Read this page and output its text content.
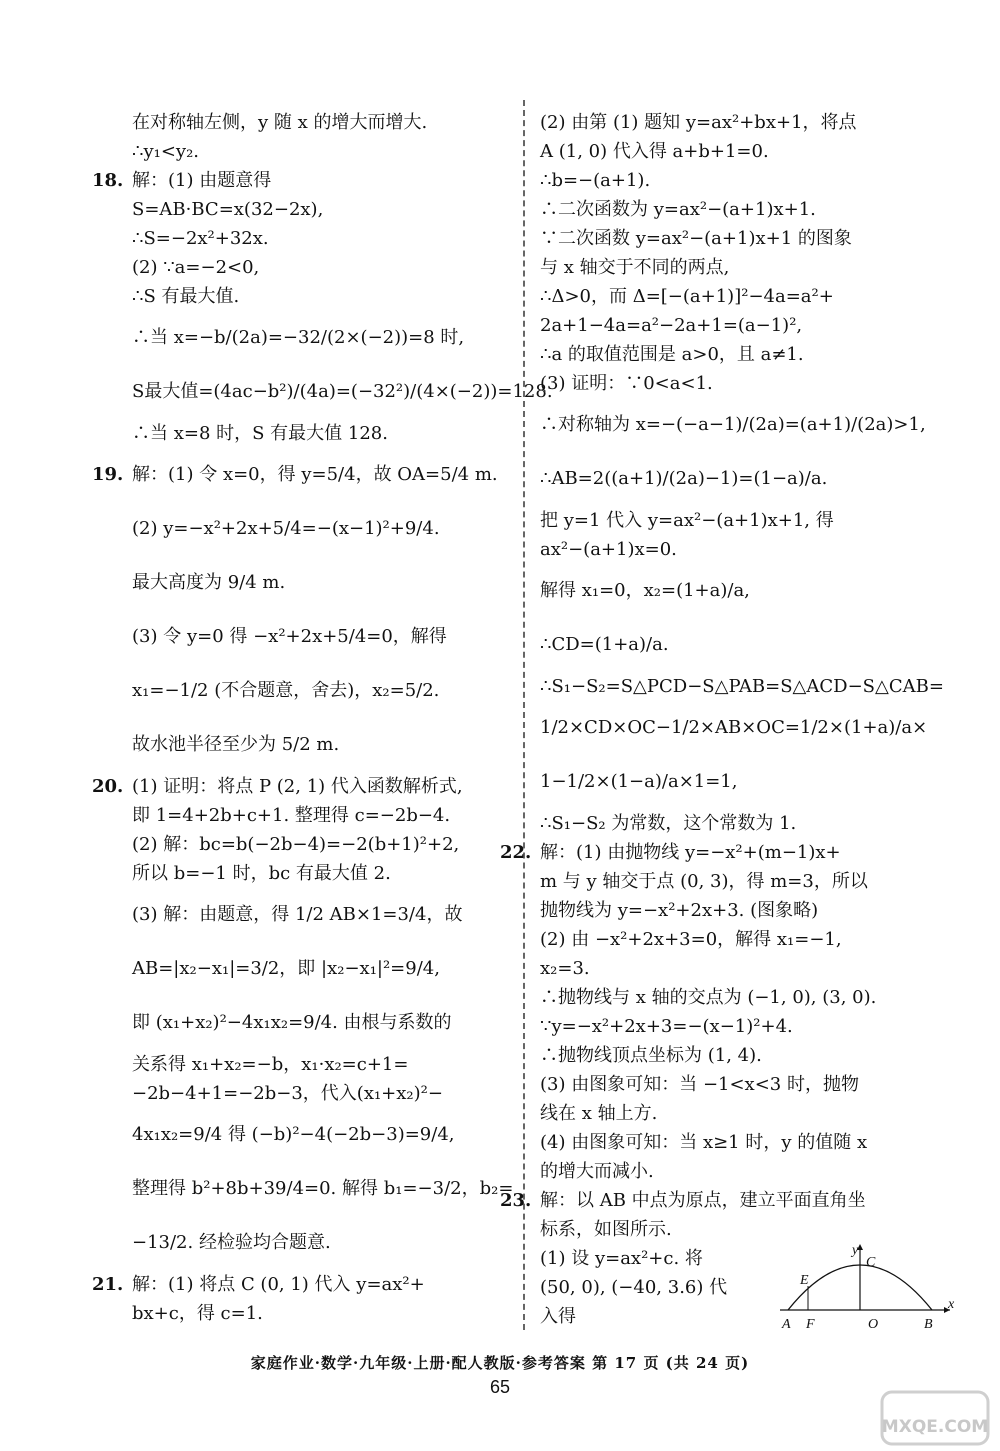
在对称轴左侧，y 随 x 的增大而增大.
∴y₁<y₂.
18. 解：(1) 由题意得
S=AB·BC=x(32−2x),
∴S=−2x²+32x.
(2) ∵a=−2<0,
∴S 有最大值.
∴当 x=−b/(2a)=−32/(2×(−2))=8 时,
S最大值=(4ac−b²)/(4a)=(−32²)/(4×(−2))=128.
∴当 x=8 时，S 有最大值 128.
19. 解：(1) 令 x=0，得 y=5/4，故 OA=5/4 m.
(2) y=−x²+2x+5/4=−(x−1)²+9/4.
最大高度为 9/4 m.
(3) 令 y=0 得 −x²+2x+5/4=0，解得
x₁=−1/2 (不合题意，舍去)，x₂=5/2.
故水池半径至少为 5/2 m.
20. (1) 证明：将点 P (2, 1) 代入函数解析式,
即 1=4+2b+c+1. 整理得 c=−2b−4.
(2) 解：bc=b(−2b−4)=−2(b+1)²+2,
所以 b=−1 时，bc 有最大值 2.
(3) 解：由题意，得 1/2 AB×1=3/4，故
AB=|x₂−x₁|=3/2，即 |x₂−x₁|²=9/4,
即 (x₁+x₂)²−4x₁x₂=9/4. 由根与系数的
关系得 x₁+x₂=−b，x₁·x₂=c+1=
−2b−4+1=−2b−3，代入(x₁+x₂)²−
4x₁x₂=9/4 得 (−b)²−4(−2b−3)=9/4,
整理得 b²+8b+39/4=0. 解得 b₁=−3/2，b₂=
−13/2. 经检验均合题意.
21. 解：(1) 将点 C (0, 1) 代入 y=ax²+
bx+c，得 c=1.
(2) 由第 (1) 题知 y=ax²+bx+1，将点
A (1, 0) 代入得 a+b+1=0.
∴b=−(a+1).
∴二次函数为 y=ax²−(a+1)x+1.
∵二次函数 y=ax²−(a+1)x+1 的图象
与 x 轴交于不同的两点,
∴Δ>0，而 Δ=[−(a+1)]²−4a=a²+
2a+1−4a=a²−2a+1=(a−1)²,
∴a 的取值范围是 a>0，且 a≠1.
(3) 证明：∵0<a<1.
∴对称轴为 x=−(−a−1)/(2a)=(a+1)/(2a)>1,
∴AB=2((a+1)/(2a)−1)=(1−a)/a.
把 y=1 代入 y=ax²−(a+1)x+1, 得
ax²−(a+1)x=0.
解得 x₁=0，x₂=(1+a)/a,
∴CD=(1+a)/a.
∴S₁−S₂=S△PCD−S△PAB=S△ACD−S△CAB=
1/2×CD×OC−1/2×AB×OC=1/2×(1+a)/a×
1−1/2×(1−a)/a×1=1,
∴S₁−S₂ 为常数，这个常数为 1.
22. 解：(1) 由抛物线 y=−x²+(m−1)x+
m 与 y 轴交于点 (0, 3)，得 m=3，所以
抛物线为 y=−x²+2x+3. (图象略)
(2) 由 −x²+2x+3=0，解得 x₁=−1,
x₂=3.
∴抛物线与 x 轴的交点为 (−1, 0), (3, 0).
∵y=−x²+2x+3=−(x−1)²+4.
∴抛物线顶点坐标为 (1, 4).
(3) 由图象可知：当 −1<x<3 时，抛物
线在 x 轴上方.
(4) 由图象可知：当 x≥1 时，y 的值随 x
的增大而减小.
23. 解：以 AB 中点为原点，建立平面直角坐
标系，如图所示.
(1) 设 y=ax²+c. 将
(50, 0), (−40, 3.6) 代
入得
y
C
E
A F	O	B
x
家庭作业·数学·九年级·上册·配人教版·参考答案 第 17 页 (共 24 页)
65
MXQE.COM
